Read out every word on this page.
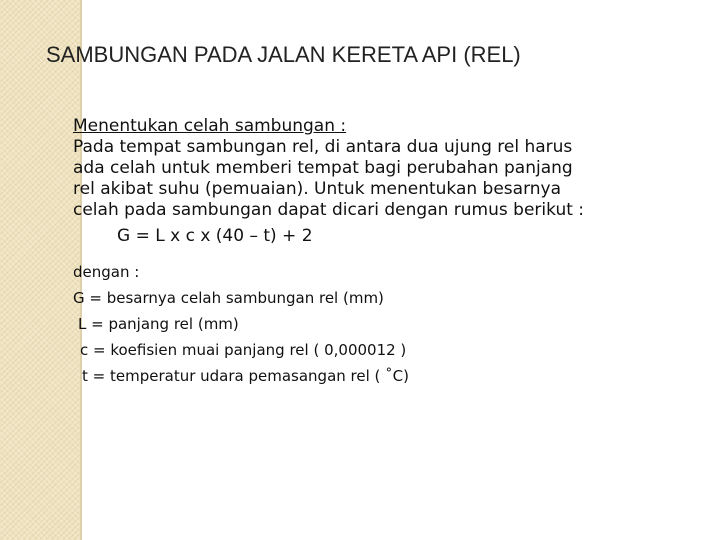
SAMBUNGAN PADA JALAN KERETA API (REL)

Menentukan celah sambungan :

Pada tempat sambungan rel, di antara dua ujung rel harus
ada celah untuk memberi tempat bagi perubahan panjang
rel akibat suhu (pemuaian). Untuk menentukan besarnya
celah pada sambungan dapat dicari dengan rumus berikut :

G = L x c x (40 – t) + 2

dengan :

G = besarnya celah sambungan rel (mm)

L = panjang rel (mm)

c = koefisien muai panjang rel ( 0,000012 )

t = temperatur udara pemasangan rel ( ˚C)
